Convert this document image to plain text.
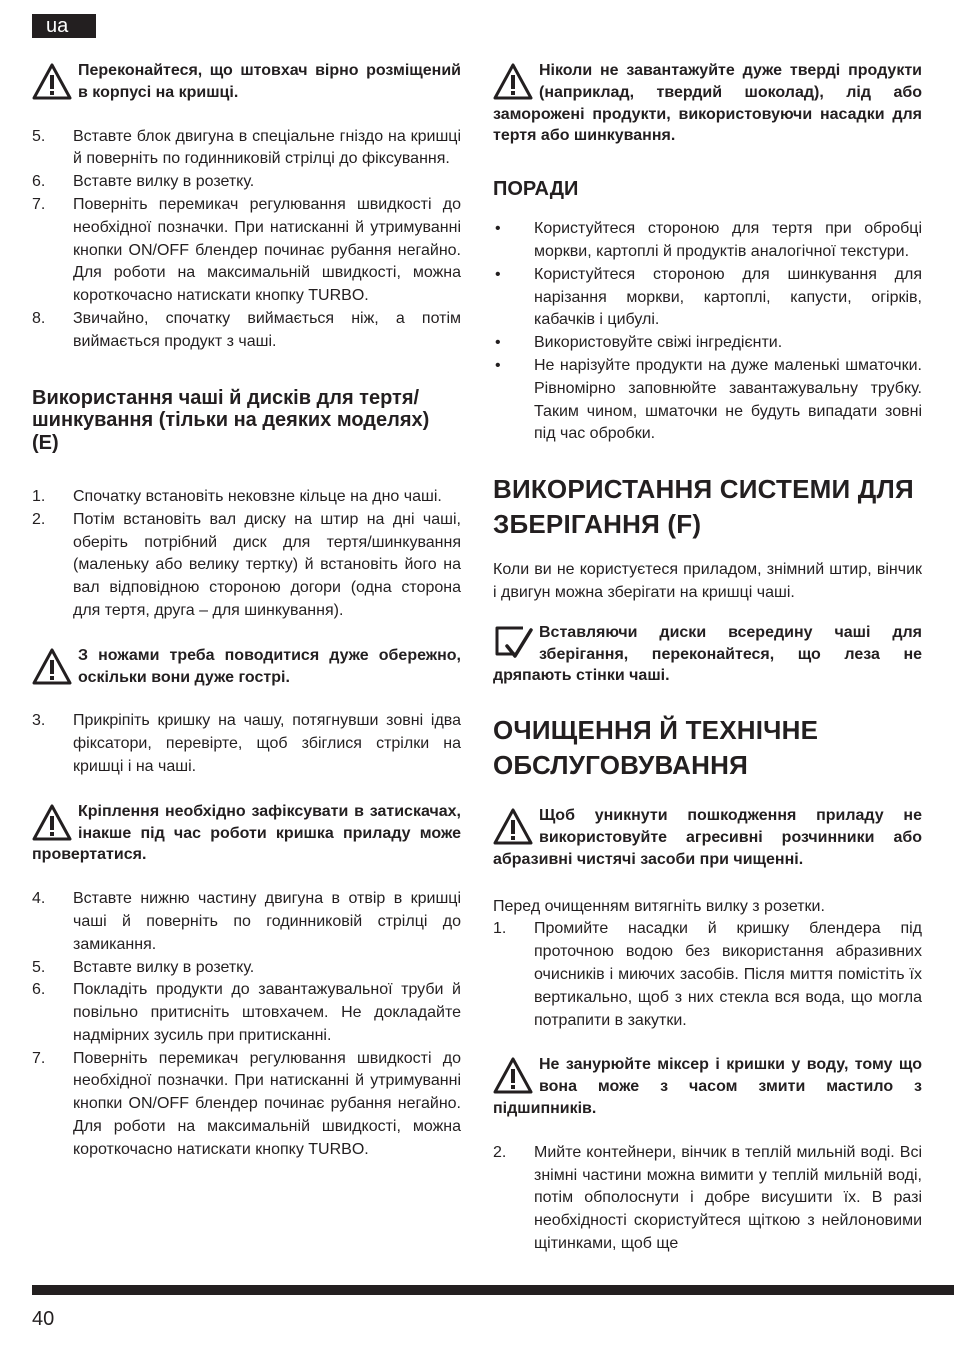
ua
Переконайтеся, що штовхач вірно розміщений в корпусі на кришці.
5.	Вставте блок двигуна в спеціальне гніздо на кришці й поверніть по годинниковій стрілці до фіксування.
6.	Вставте вилку в розетку.
7.	Поверніть перемикач регулювання швидкості до необхідної позначки. При натисканні й утримуванні кнопки ON/OFF блендер починає рубання негайно. Для роботи на максимальній швидкості, можна короткочасно натискати кнопку TURBO.
8.	Звичайно, спочатку виймається ніж, а потім виймається продукт з чаші.
Використання чаші й дисків для тертя/шинкування (тільки на деяких моделях) (E)
1.	Спочатку встановіть нековзне кільце на дно чаші.
2.	Потім встановіть вал диску на штир на дні чаші, оберіть потрібний диск для тертя/шинкування (маленьку або велику тертку) й встановіть його на вал відповідною стороною догори (одна сторона для тертя, друга – для шинкування).
З ножами треба поводитися дуже обережно, оскільки вони дуже гострі.
3.	Прикріпіть кришку на чашу, потягнувши зовні ідва фіксатори, перевірте, щоб збіглися стрілки на кришці і на чаші.
Кріплення необхідно зафіксувати в затискачах, інакше під час роботи кришка приладу може провертатися.
4.	Вставте нижню частину двигуна в отвір в кришці чаші й поверніть по годинниковій стрілці до замикання.
5.	Вставте вилку в розетку.
6.	Покладіть продукти до завантажувальної труби й повільно притисніть штовхачем. Не докладайте надмірних зусиль при притисканні.
7.	Поверніть перемикач регулювання швидкості до необхідної позначки. При натисканні й утримуванні кнопки ON/OFF блендер починає рубання негайно. Для роботи на максимальній швидкості, можна короткочасно натискати кнопку TURBO.
Ніколи не завантажуйте дуже тверді продукти (наприклад, твердий шоколад), лід або заморожені продукти, використовуючи насадки для тертя або шинкування.
ПОРАДИ
•	Користуйтеся стороною для тертя при обробці моркви, картоплі й продуктів аналогічної текстури.
•	Користуйтеся стороною для шинкування для нарізання моркви, картоплі, капусти, огірків, кабачків і цибулі.
•	Використовуйте свіжі інгредієнти.
•	Не нарізуйте продукти на дуже маленькі шматочки. Рівномірно заповнюйте завантажувальну трубку. Таким чином, шматочки не будуть випадати зовні під час обробки.
ВИКОРИСТАННЯ СИСТЕМИ ДЛЯ ЗБЕРІГАННЯ (F)

Коли ви не користуєтеся приладом, знімний штир, вінчик і двигун можна зберігати на кришці чаші.

Вставляючи диски всередину чаші для зберігання, переконайтеся, що леза не дряпають стінки чаші.
ОЧИЩЕННЯ Й ТЕХНІЧНЕ ОБСЛУГОВУВАННЯ
Щоб уникнути пошкодження приладу не використовуйте агресивні розчинники або абразивні чистячі засоби при чищенні.

Перед очищенням витягніть вилку з розетки.

1.	Промийте насадки й кришку блендера під проточною водою без використання абразивних очисників і миючих засобів. Після миття помістіть їх вертикально, щоб з них стекла вся вода, що могла потрапити в закутки.
Не занурюйте міксер і кришки у воду, тому що вона може з часом змити мастило з підшипників.
2.	Мийте контейнери, вінчик в теплій мильній воді. Всі знімні частини можна вимити у теплій мильній воді, потім обполоснути і добре висушити їх. В разі необхідності скористуйтеся щіткою з нейлоновими щітинками, щоб ще
40
